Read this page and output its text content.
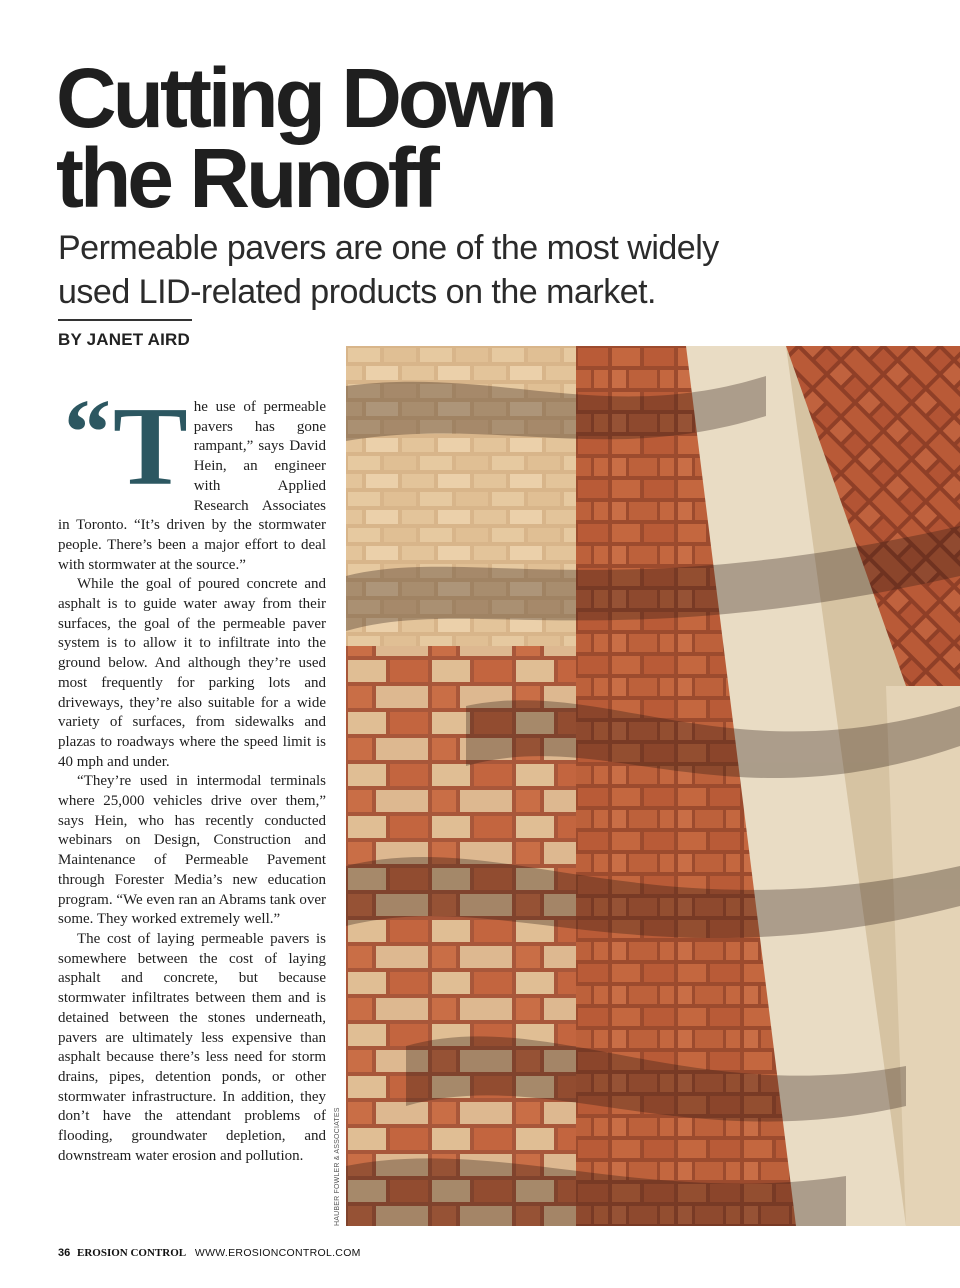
Cutting Down
the Runoff
Permeable pavers are one of the most widely used LID-related products on the market.
BY JANET AIRD
“ T he use of permeable pavers has gone rampant,” says David Hein, an engineer with Applied Research Associates in Toronto. “It’s driven by the stormwater people. There’s been a major effort to deal with stormwater at the source.”

While the goal of poured concrete and asphalt is to guide water away from their surfaces, the goal of the permeable paver system is to allow it to infiltrate into the ground below. And although they’re used most frequently for parking lots and driveways, they’re also suitable for a wide variety of surfaces, from sidewalks and plazas to roadways where the speed limit is 40 mph and under.

“They’re used in intermodal terminals where 25,000 vehicles drive over them,” says Hein, who has recently conducted webinars on Design, Construction and Maintenance of Permeable Pavement through Forester Media’s new education program. “We even ran an Abrams tank over some. They worked extremely well.”

The cost of laying permeable pavers is somewhere between the cost of laying asphalt and concrete, but because stormwater infiltrates between them and is detained between the stones underneath, pavers are ultimately less expensive than asphalt because there’s less need for storm drains, pipes, detention ponds, or other stormwater infrastructure. In addition, they don’t have the attendant problems of flooding, groundwater depletion, and downstream water erosion and pollution.	HAUBER FOWLER & ASSOCIATES
36 EROSION CONTROL WWW.EROSIONCONTROL.COM
